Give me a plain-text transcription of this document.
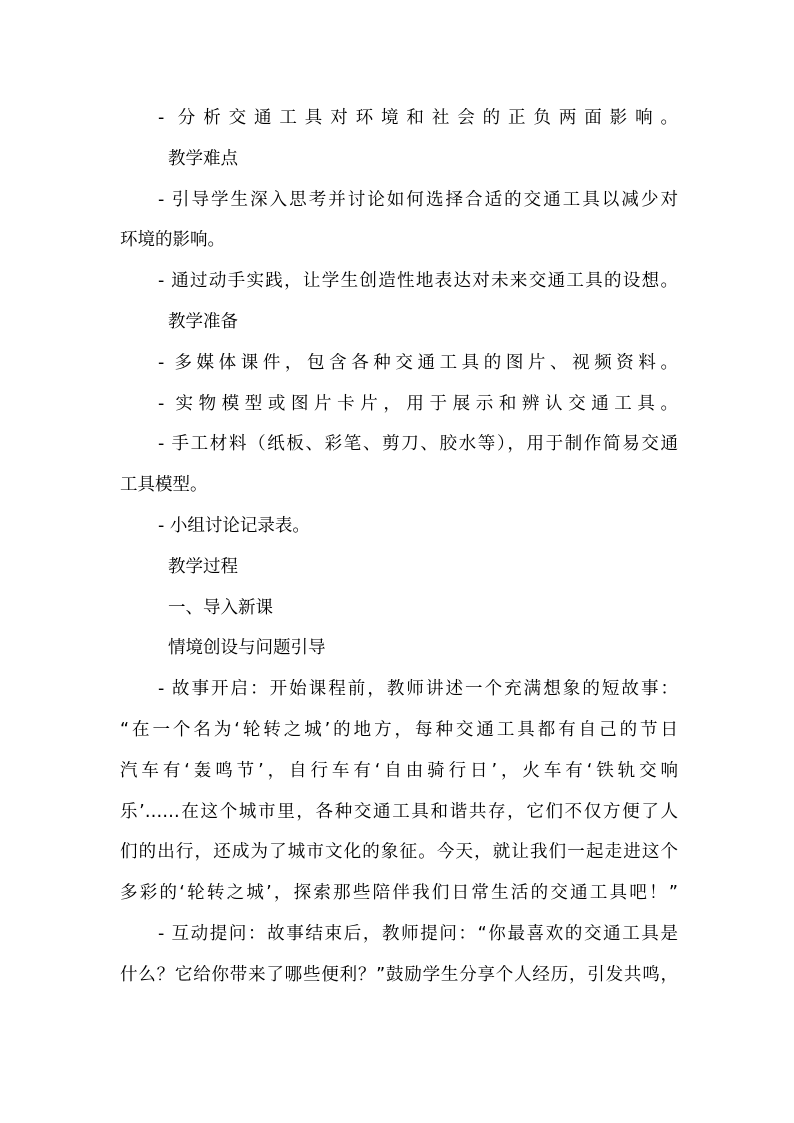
- 分析交通工具对环境和社会的正负两面影响。

教学难点

- 引导学生深入思考并讨论如何选择合适的交通工具以减少对

环境的影响。

- 通过动手实践，让学生创造性地表达对未来交通工具的设想。

教学准备

- 多媒体课件，包含各种交通工具的图片、视频资料。

- 实物模型或图片卡片，用于展示和辨认交通工具。

- 手工材料（纸板、彩笔、剪刀、胶水等），用于制作简易交通

工具模型。

- 小组讨论记录表。

教学过程

一、导入新课

情境创设与问题引导

- 故事开启：开始课程前，教师讲述一个充满想象的短故事：

“在一个名为‘轮转之城’的地方，每种交通工具都有自己的节日

汽车有‘轰鸣节’，自行车有‘自由骑行日’，火车有‘铁轨交响

乐’……在这个城市里，各种交通工具和谐共存，它们不仅方便了人

们的出行，还成为了城市文化的象征。今天，就让我们一起走进这个

多彩的‘轮转之城’，探索那些陪伴我们日常生活的交通工具吧！”

- 互动提问：故事结束后，教师提问：“你最喜欢的交通工具是

什么？它给你带来了哪些便利？”鼓励学生分享个人经历，引发共鸣，
